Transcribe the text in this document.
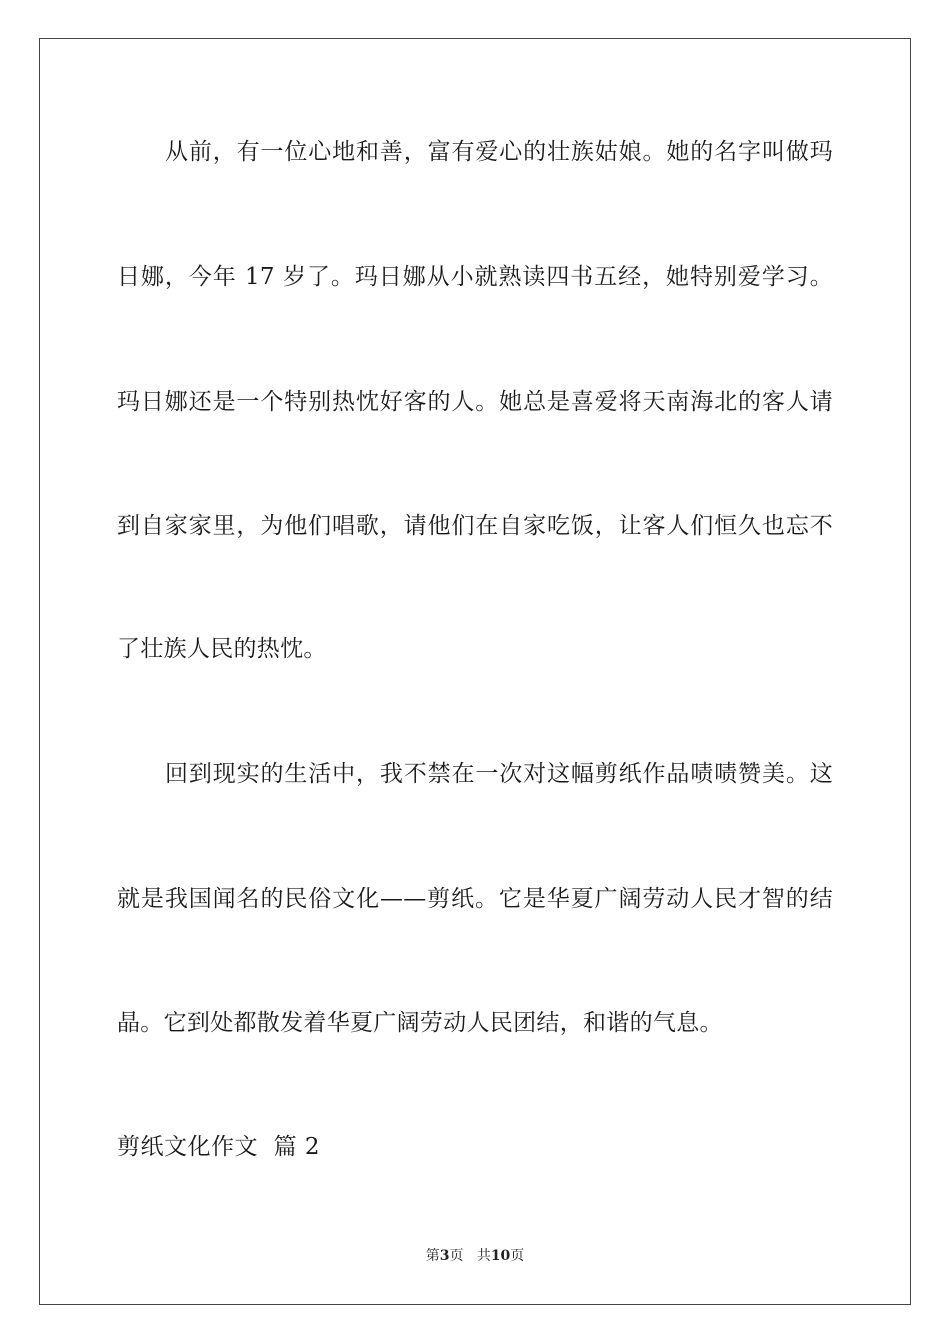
从前，有一位心地和善，富有爱心的壮族姑娘。她的名字叫做玛
日娜，今年 17 岁了。玛日娜从小就熟读四书五经，她特别爱学习。
玛日娜还是一个特别热忱好客的人。她总是喜爱将天南海北的客人请
到自家家里，为他们唱歌，请他们在自家吃饭，让客人们恒久也忘不
了壮族人民的热忱。
回到现实的生活中，我不禁在一次对这幅剪纸作品啧啧赞美。这
就是我国闻名的民俗文化——剪纸。它是华夏广阔劳动人民才智的结
晶。它到处都散发着华夏广阔劳动人民团结，和谐的气息。
剪纸文化作文  篇 2
第3页 共10页
